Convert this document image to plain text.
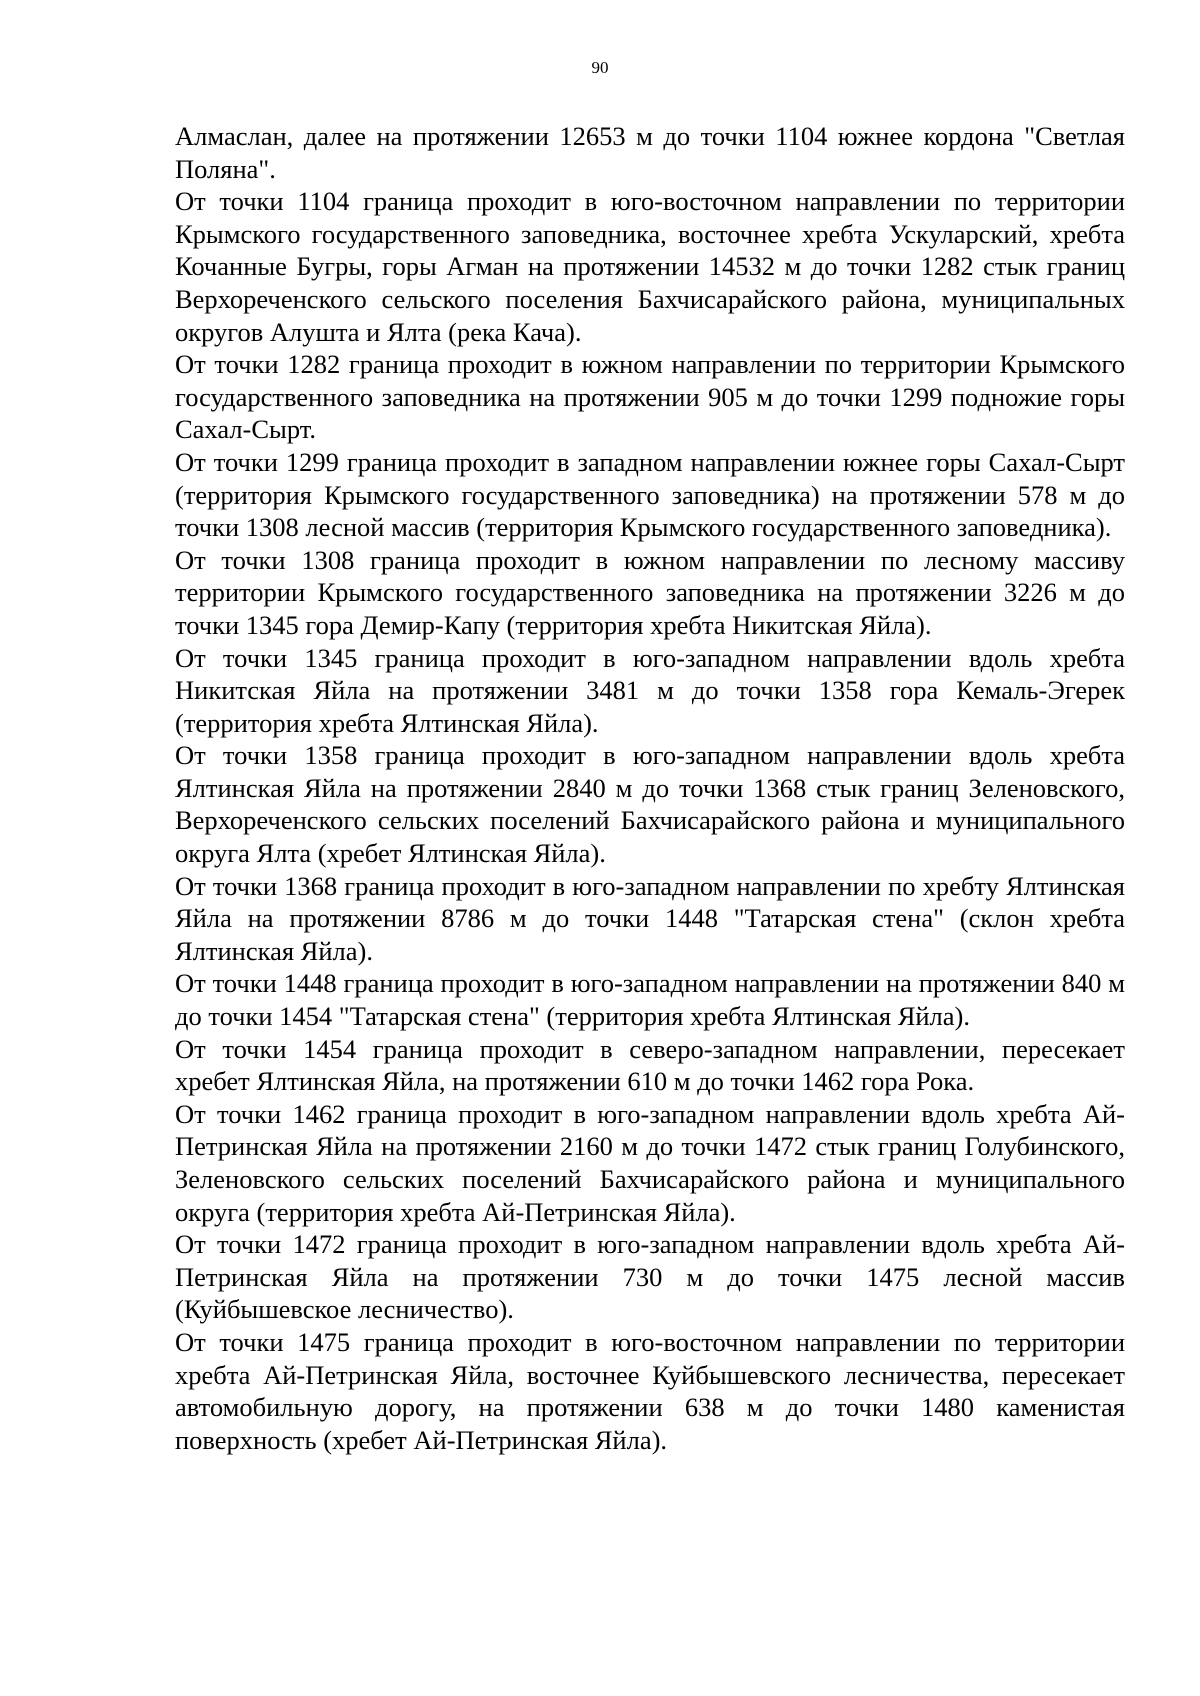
90

Алмаслан, далее на протяжении 12653 м до точки 1104 южнее кордона "Светлая Поляна".

От точки 1104 граница проходит в юго-восточном направлении по территории Крымского государственного заповедника, восточнее хребта Ускуларский, хребта Кочанные Бугры, горы Агман на протяжении 14532 м до точки 1282 стык границ Верхореченского сельского поселения Бахчисарайского района, муниципальных округов Алушта и Ялта (река Кача).

От точки 1282 граница проходит в южном направлении по территории Крымского государственного заповедника на протяжении 905 м до точки 1299 подножие горы Сахал-Сырт.

От точки 1299 граница проходит в западном направлении южнее горы Сахал-Сырт (территория Крымского государственного заповедника) на протяжении 578 м до точки 1308 лесной массив (территория Крымского государственного заповедника).

От точки 1308 граница проходит в южном направлении по лесному массиву территории Крымского государственного заповедника на протяжении 3226 м до точки 1345 гора Демир-Капу (территория хребта Никитская Яйла).

От точки 1345 граница проходит в юго-западном направлении вдоль хребта Никитская Яйла на протяжении 3481 м до точки 1358 гора Кемаль-Эгерек (территория хребта Ялтинская Яйла).

От точки 1358 граница проходит в юго-западном направлении вдоль хребта Ялтинская Яйла на протяжении 2840 м до точки 1368 стык границ Зеленовского, Верхореченского сельских поселений Бахчисарайского района и муниципального округа Ялта (хребет Ялтинская Яйла).

От точки 1368 граница проходит в юго-западном направлении по хребту Ялтинская Яйла на протяжении 8786 м до точки 1448 "Татарская стена" (склон хребта Ялтинская Яйла).

От точки 1448 граница проходит в юго-западном направлении на протяжении 840 м до точки 1454 "Татарская стена" (территория хребта Ялтинская Яйла).

От точки 1454 граница проходит в северо-западном направлении, пересекает хребет Ялтинская Яйла, на протяжении 610 м до точки 1462 гора Рока.

От точки 1462 граница проходит в юго-западном направлении вдоль хребта Ай-Петринская Яйла на протяжении 2160 м до точки 1472 стык границ Голубинского, Зеленовского сельских поселений Бахчисарайского района и муниципального округа (территория хребта Ай-Петринская Яйла).

От точки 1472 граница проходит в юго-западном направлении вдоль хребта Ай-Петринская Яйла на протяжении 730 м до точки 1475 лесной массив (Куйбышевское лесничество).

От точки 1475 граница проходит в юго-восточном направлении по территории хребта Ай-Петринская Яйла, восточнее Куйбышевского лесничества, пересекает автомобильную дорогу, на протяжении 638 м до точки 1480 каменистая поверхность (хребет Ай-Петринская Яйла).
